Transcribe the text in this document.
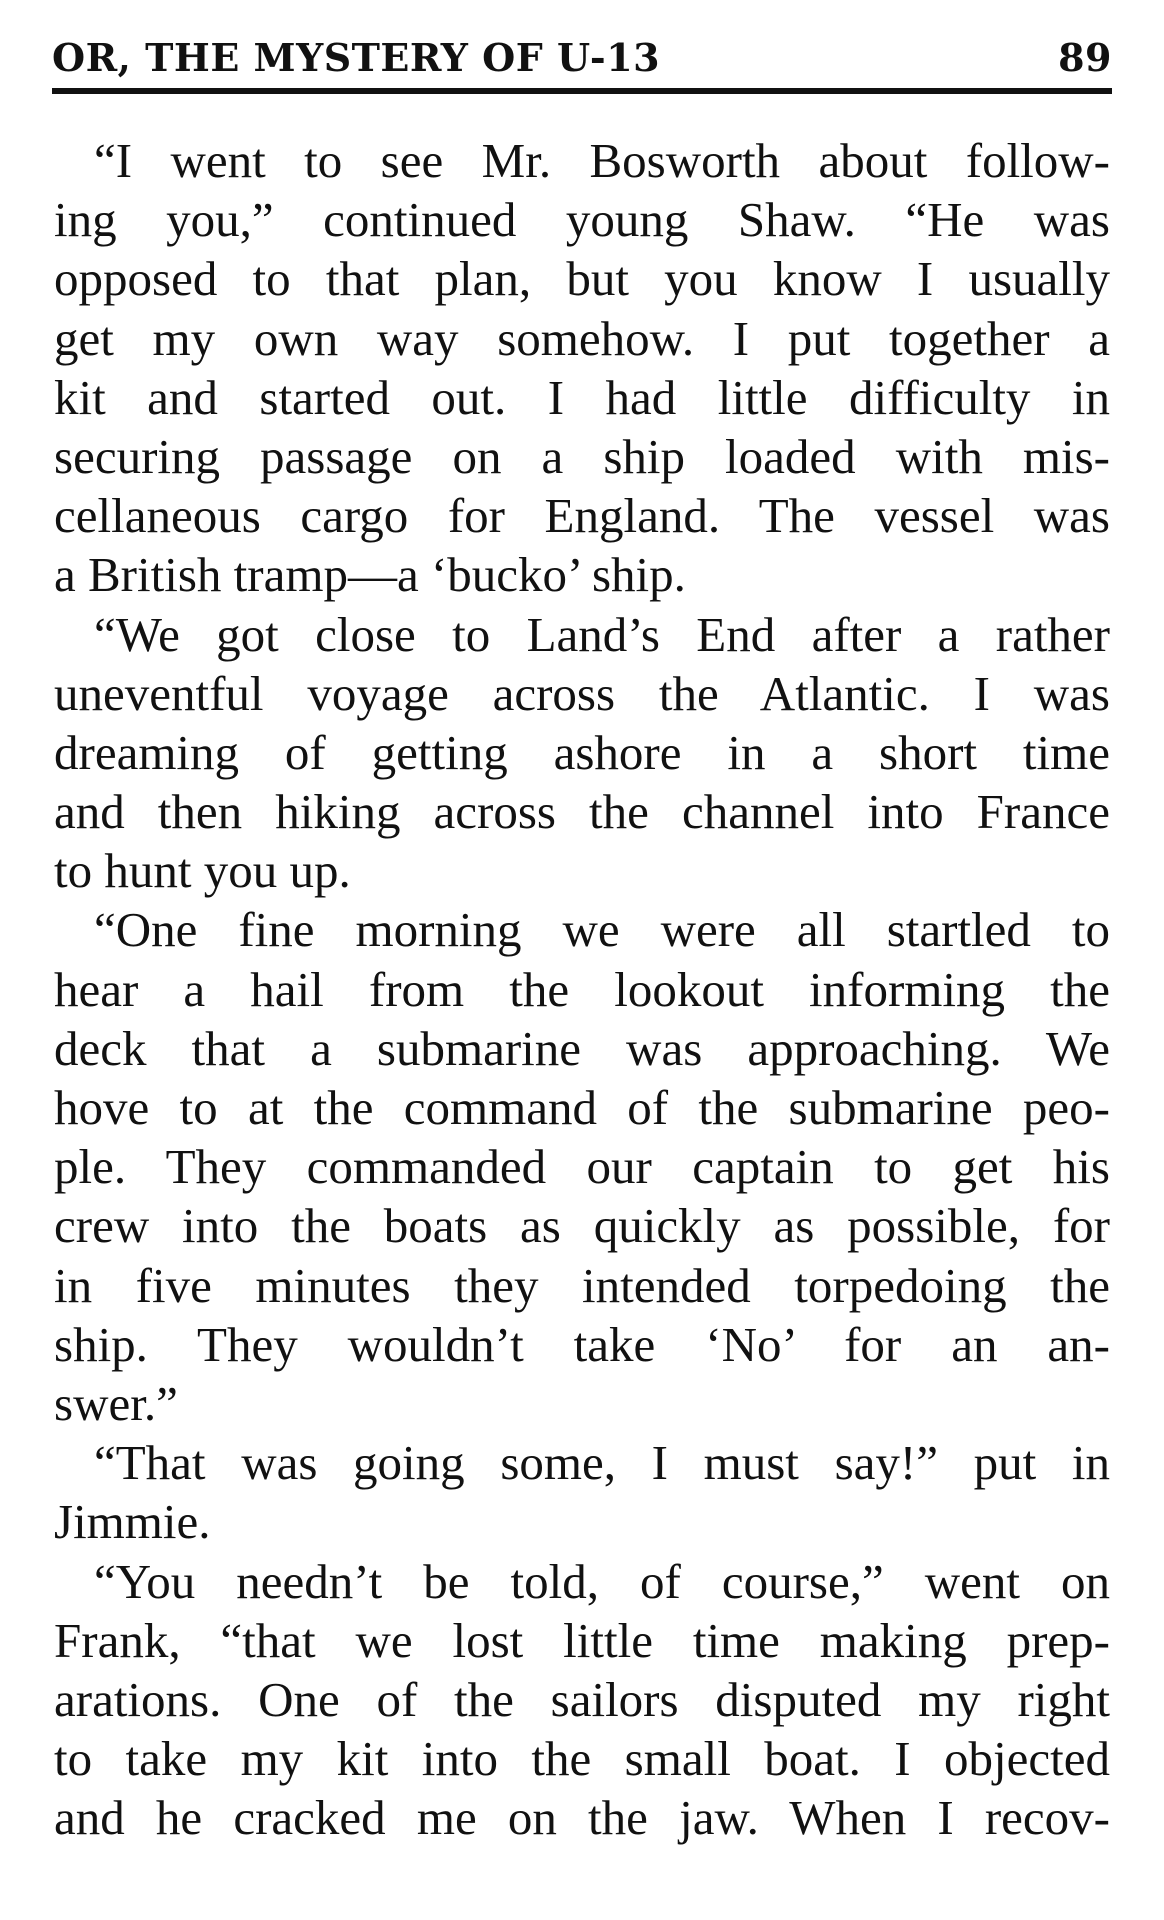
OR, THE MYSTERY OF U-13	89
“I went to see Mr. Bosworth about follow-
ing you,” continued young Shaw. “He was
opposed to that plan, but you know I usually
get my own way somehow. I put together a
kit and started out. I had little difficulty in
securing passage on a ship loaded with mis-
cellaneous cargo for England. The vessel was
a British tramp—a ‘bucko’ ship.
“We got close to Land’s End after a rather
uneventful voyage across the Atlantic. I was
dreaming of getting ashore in a short time
and then hiking across the channel into France
to hunt you up.
“One fine morning we were all startled to
hear a hail from the lookout informing the
deck that a submarine was approaching. We
hove to at the command of the submarine peo-
ple. They commanded our captain to get his
crew into the boats as quickly as possible, for
in five minutes they intended torpedoing the
ship. They wouldn’t take ‘No’ for an an-
swer.”
“That was going some, I must say!” put in
Jimmie.
“You needn’t be told, of course,” went on
Frank, “that we lost little time making prep-
arations. One of the sailors disputed my right
to take my kit into the small boat. I objected
and he cracked me on the jaw. When I recov-
